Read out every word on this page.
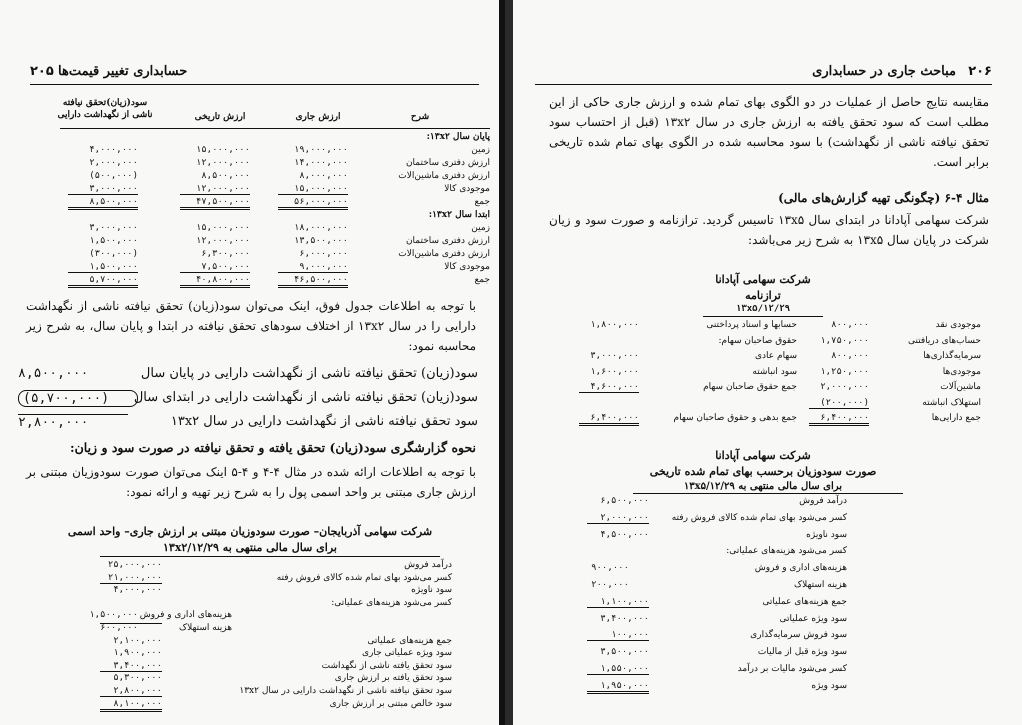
۲۰۵ حسابداری تغییر قیمت‌ها
شرح
ارزش جاری
ارزش تاریخی
سود(زیان)تحقق نیافته
ناشی از نگهداشت دارایی
پایان سال ۱۳x۲:
زمین
۱۹,۰۰۰,۰۰۰
۱۵,۰۰۰,۰۰۰
۴,۰۰۰,۰۰۰
ارزش دفتری ساختمان
۱۴,۰۰۰,۰۰۰
۱۲,۰۰۰,۰۰۰
۲,۰۰۰,۰۰۰
ارزش دفتری ماشین‌الات
۸,۰۰۰,۰۰۰
۸,۵۰۰,۰۰۰
(۵۰۰,۰۰۰)
موجودی کالا
۱۵,۰۰۰,۰۰۰
۱۲,۰۰۰,۰۰۰
۳,۰۰۰,۰۰۰
جمع
۵۶,۰۰۰,۰۰۰
۴۷,۵۰۰,۰۰۰
۸,۵۰۰,۰۰۰
ابتدا سال ۱۳x۲:
زمین
۱۸,۰۰۰,۰۰۰
۱۵,۰۰۰,۰۰۰
۳,۰۰۰,۰۰۰
ارزش دفتری ساختمان
۱۳,۵۰۰,۰۰۰
۱۲,۰۰۰,۰۰۰
۱,۵۰۰,۰۰۰
ارزش دفتری ماشین‌الات
۶,۰۰۰,۰۰۰
۶,۳۰۰,۰۰۰
(۳۰۰,۰۰۰)
موجودی کالا
۹,۰۰۰,۰۰۰
۷,۵۰۰,۰۰۰
۱,۵۰۰,۰۰۰
جمع
۴۶,۵۰۰,۰۰۰
۴۰,۸۰۰,۰۰۰
۵,۷۰۰,۰۰۰
با توجه به اطلاعات جدول فوق، اینک می‌توان سود(زیان) تحقق نیافته ناشی از نگهداشت دارایی را در سال ۱۳x۲ از اختلاف سودهای تحقق نیافته در ابتدا و پایان سال، به شرح زیر محاسبه نمود:
سود(زیان) تحقق نیافته ناشی از نگهداشت دارایی در پایان سال
۸,۵۰۰,۰۰۰
سود(زیان) تحقق نیافته ناشی از نگهداشت دارایی در ابتدای سال
(۵,۷۰۰,۰۰۰)
سود تحقق نیافته ناشی از نگهداشت دارایی در سال ۱۳x۲
۲,۸۰۰,۰۰۰
نحوه گزارشگری سود(زیان) تحقق یافته و تحقق نیافته در صورت سود و زیان:
با توجه به اطلاعات ارائه شده در مثال ۴-۴ و ۴-۵ اینک می‌توان صورت سودوزیان مبتنی بر ارزش جاری مبتنی بر واحد اسمی پول را به شرح زیر تهیه و ارائه نمود:
شرکت سهامی آذربایجان– صورت سودوزیان مبتنی بر ارزش جاری– واحد اسمی
برای سال مالی منتهی به ۱۳x۲/۱۲/۲۹
درآمد فروش
۲۵,۰۰۰,۰۰۰
کسر می‌شود بهای تمام شده کالای فروش رفته
۲۱,۰۰۰,۰۰۰
سود ناویژه
۴,۰۰۰,۰۰۰
کسر می‌شود هزینه‌های عملیاتی:
هزینه‌های اداری و فروش
۱,۵۰۰,۰۰۰
هزینه استهلاک
۶۰۰,۰۰۰
جمع هزینه‌های عملیاتی
۲,۱۰۰,۰۰۰
سود ویژه عملیاتی جاری
۱,۹۰۰,۰۰۰
سود تحقق یافته ناشی از نگهداشت
۳,۴۰۰,۰۰۰
سود تحقق یافته بر ارزش جاری
۵,۳۰۰,۰۰۰
سود تحقق نیافته ناشی از نگهداشت دارایی در سال ۱۳x۲
۲,۸۰۰,۰۰۰
سود خالص مبتنی بر ارزش جاری
۸,۱۰۰,۰۰۰
۲۰۶
مباحث جاری در حسابداری
مقایسه نتایج حاصل از عملیات در دو الگوی بهای تمام شده و ارزش جاری حاکی از این مطلب است که سود تحقق یافته به ارزش جاری در سال ۱۳x۲ (قبل از احتساب سود تحقق نیافته ناشی از نگهداشت) با سود محاسبه شده در الگوی بهای تمام شده تاریخی برابر است.
مثال ۴-۶ (چگونگی تهیه گزارش‌های مالی)
شرکت سهامی آپادانا در ابتدای سال ۱۳x۵ تاسیس گردید. ترازنامه و صورت سود و زیان شرکت در پایان سال ۱۳x۵ به شرح زیر می‌باشد:
شرکت سهامی آپادانا
ترازنامه
۱۳x۵/۱۲/۲۹
موجودی نقد
۸۰۰,۰۰۰
حسابها و اسناد پرداختنی
۱,۸۰۰,۰۰۰
حساب‌های دریافتنی
۱,۷۵۰,۰۰۰
حقوق صاحبان سهام:
سرمایه‌گذاری‌ها
۸۰۰,۰۰۰
سهام عادی
۳,۰۰۰,۰۰۰
موجودی‌ها
۱,۲۵۰,۰۰۰
سود انباشته
۱,۶۰۰,۰۰۰
ماشین‌آلات
۲,۰۰۰,۰۰۰
جمع حقوق صاحبان سهام
۴,۶۰۰,۰۰۰
استهلاک انباشته
(۲۰۰,۰۰۰)
جمع دارایی‌ها
۶,۴۰۰,۰۰۰
جمع بدهی و حقوق صاحبان سهام
۶,۴۰۰,۰۰۰
شرکت سهامی آپادانا
صورت سودوزیان برحسب بهای تمام شده تاریخی
برای سال مالی منتهی به ۱۳x۵/۱۲/۲۹
درآمد فروش
۶,۵۰۰,۰۰۰
کسر می‌شود بهای تمام شده کالای فروش رفته
۲,۰۰۰,۰۰۰
سود ناویژه
۴,۵۰۰,۰۰۰
کسر می‌شود هزینه‌های عملیاتی:
هزینه‌های اداری و فروش
۹۰۰,۰۰۰
هزینه استهلاک
۲۰۰,۰۰۰
جمع هزینه‌های عملیاتی
۱,۱۰۰,۰۰۰
سود ویژه عملیاتی
۳,۴۰۰,۰۰۰
سود فروش سرمایه‌گذاری
۱۰۰,۰۰۰
سود ویژه قبل از مالیات
۳,۵۰۰,۰۰۰
کسر می‌شود مالیات بر درآمد
۱,۵۵۰,۰۰۰
سود ویژه
۱,۹۵۰,۰۰۰
